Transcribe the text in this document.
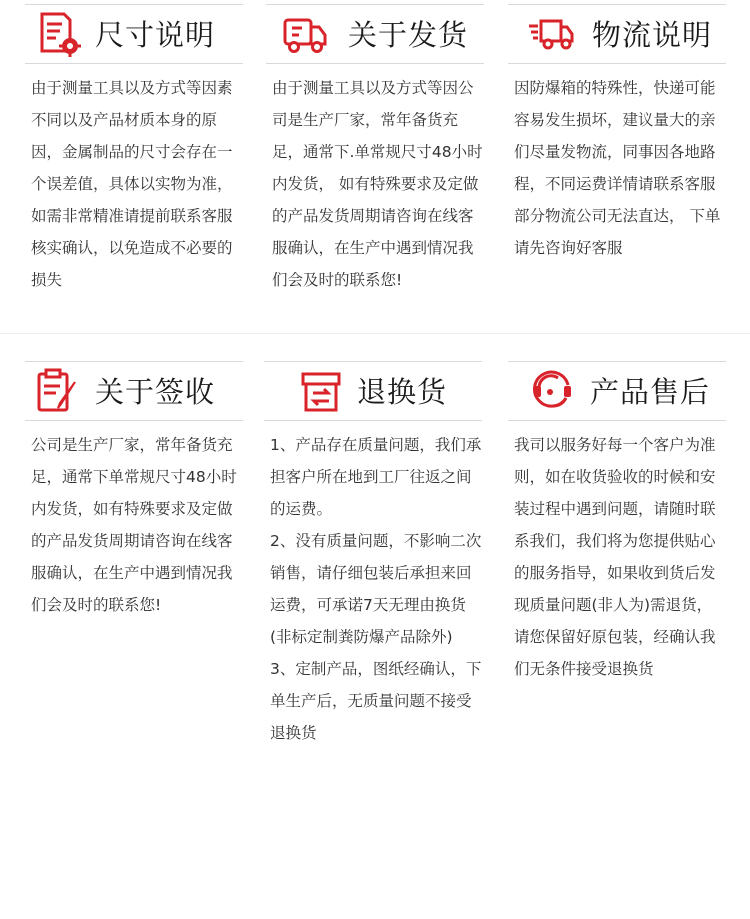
尺寸说明
由于测量工具以及方式等因素不同以及产品材质本身的原因，金属制品的尺寸会存在一个误差值，具体以实物为准，如需非常精准请提前联系客服核实确认，以免造成不必要的损失
关于发货
由于测量工具以及方式等因公司是生产厂家，常年备货充足，通常下.单常规尺寸48小时内发货， 如有特殊要求及定做的产品发货周期请咨询在线客服确认，在生产中遇到情况我们会及时的联系您!
物流说明
因防爆箱的特殊性，快递可能容易发生损坏，建议量大的亲们尽量发物流，同事因各地路程，不同运费详情请联系客服部分物流公司无法直达， 下单请先咨询好客服
关于签收
公司是生产厂家，常年备货充足，通常下单常规尺寸48小时内发货，如有特殊要求及定做的产品发货周期请咨询在线客服确认，在生产中遇到情况我们会及时的联系您!
退换货

1、产品存在质量问题，我们承担客户所在地到工厂往返之间的运费。

2、没有质量问题，不影响二次销售，请仔细包装后承担来回运费，可承诺7天无理由换货(非标定制粪防爆产品除外)

3、定制产品，图纸经确认，下单生产后，无质量问题不接受退换货

产品售后
我司以服务好每一个客户为准则，如在收货验收的时候和安装过程中遇到问题，请随时联系我们，我们将为您提供贴心的服务指导，如果收到货后发现质量问题(非人为)需退货，请您保留好原包装，经确认我们无条件接受退换货
